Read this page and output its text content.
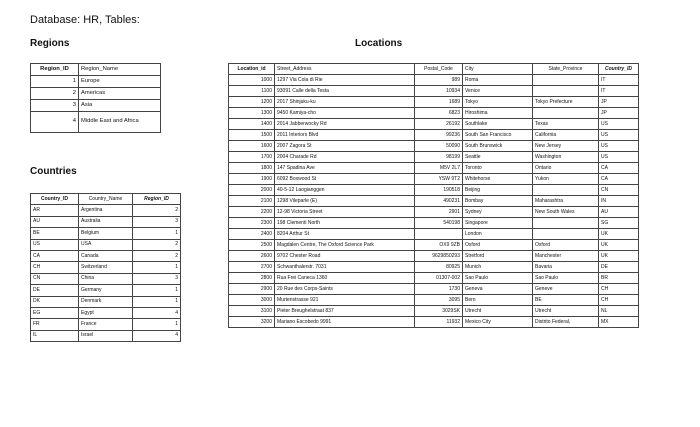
Database: HR, Tables:
Regions	Locations
Countries
Region_ID	Region_Name
1	Europe
2	Americas
3	Asia
4	Middle East and Africa
Country_ID	Country_Name	Region_ID
AR	Argentina	2
AU	Australia	3
BE	Belgium	1
US	USA	2
CA	Canada	2
CH	Switzerland	1
CN	China	3
DE	Germany	1
DK	Denmark	1
EG	Egypt	4
FR	France	1
IL	Israel	4
Location_id	Street_Address	Postal_Code	City	State_Province	Country_ID
1000	1297 Via Cola di Rie	989	Roma		IT
1100	93091 Calle della Testa	10934	Venice		IT
1200	2017 Shinjuku-ku	1689	Tokyo	Tokyo Prefecture	JP
1300	9450 Kamiya-cho	6823	Hiroshima		JP
1400	2014 Jabberwocky Rd	26192	Southlake	Texas	US
1500	2011 Interiors Blvd	99236	South San Francisco	California	US
1600	2007 Zagora St	50090	South Brunswick	New Jersey	US
1700	2004 Charade Rd	98199	Seattle	Washington	US
1800	147 Spadina Ave	M5V 2L7	Toronto	Ontario	CA
1900	6092 Boxwood St	YSW 9T2	Whitehorse	Yukon	CA
2000	40-5-12 Laogianggen	190518	Beijing		CN
2100	1298 Vileparle (E)	490231	Bombay	Maharashtra	IN
2200	12-98 Victoria Street	2901	Sydney	New South Wales	AU
2300	198 Clementi North	540198	Singapore		SG
2400	8204 Arthur St		London		UK
2500	Magdalen Centre, The Oxford Science Park	OX9 9ZB	Oxford	Oxford	UK
2600	9702 Chester Road	9629850293	Stretford	Manchester	UK
2700	Schwanthalerstr. 7031	80925	Munich	Bavaria	DE
2800	Rua Frei Caneca 1360	01307-002	Sao Paulo	Sao Paulo	BR
2900	20 Rue des Corps-Saints	1730	Geneva	Geneve	CH
3000	Murtenstrasse 921	3095	Bern	BE	CH
3100	Pieter Breughelstraat 837	3029SK	Utrecht	Utrecht	NL
3200	Mariano Escobedo 9991	11932	Mexico City	Distrito Federal,	MX
